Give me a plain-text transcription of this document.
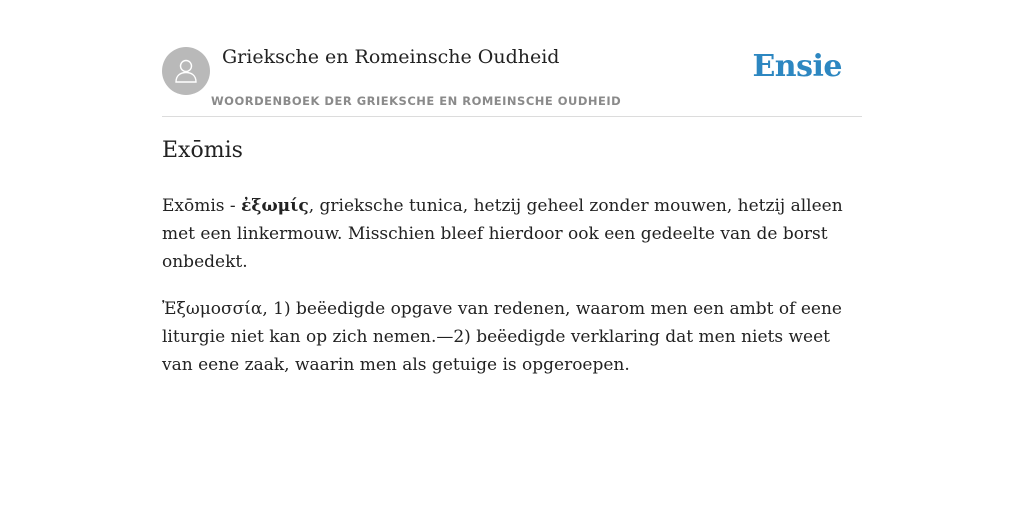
Grieksche en Romeinsche Oudheid
WOORDENBOEK DER GRIEKSCHE EN ROMEINSCHE OUDHEID
Ensie
Exōmis

Exōmis - ἐξωμίς, grieksche tunica, hetzij geheel zonder mouwen, hetzij alleen met een linkermouw. Misschien bleef hierdoor ook een gedeelte van de borst onbedekt.

Ἐξωμοσσία, 1) beëedigde opgave van redenen, waarom men een ambt of eene liturgie niet kan op zich nemen.—2) beëedigde verklaring dat men niets weet van eene zaak, waarin men als getuige is opgeroepen.
